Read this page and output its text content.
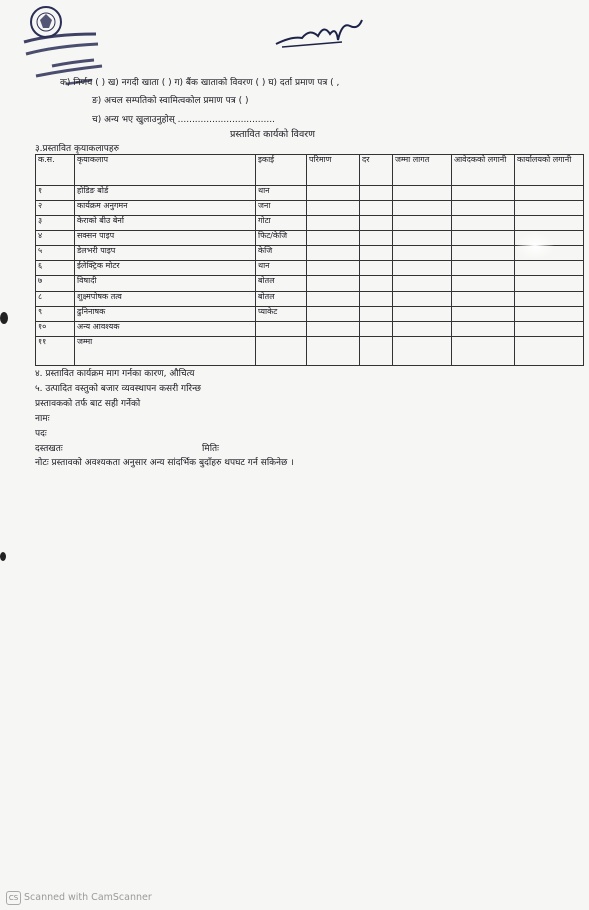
क) निर्णय ( ) ख) नगदी खाता ( ) ग) बैंक खाताको विवरण ( ) घ) दर्ता प्रमाण पत्र ( ,
ङ) अचल सम्पतिको स्वामित्वकोल प्रमाण पत्र ( )
च) अन्य भए खुलाउनुहोस् ..................................
प्रस्तावित कार्यको विवरण
३.प्रस्तावित कृयाकलापहरु
क.स.	कृयाकलाप	इकाई	परिमाण	दर	जम्मा लागत	आवेदकको लगानी	कार्यालयको लगानी
१	होडिङ बोर्ड	थान					
२	कार्यक्रम अनुगमन	जना					
३	केराको बीउ बेर्ना	गोटा					
४	सक्सन पाइप	फिट/केजि					
५	डेलभरी पाइप	केजि					
६	ईलेक्ट्रिक मोटर	थान					
७	विषादी	बोतल					
८	शुक्ष्मपोषक तत्व	बोतल					
९	ढुनिनाषक	प्याकेट					
१०	अन्य आवश्यक						
११	जम्मा						
४. प्रस्तावित कार्यक्रम माग गर्नका कारण, औचित्य
५. उत्पादित वस्तुको बजार व्यवस्थापन कसरी गरिन्छ
प्रस्तावकको तर्फ बाट सही गर्नेको
नामः
पदः
दस्तखतः	मितिः
नोटः प्रस्तावको अवश्यकता अनुसार अन्य सांदर्भिक बुदाँहरु थपघट गर्न सकिनेछ ।
CS Scanned with CamScanner
